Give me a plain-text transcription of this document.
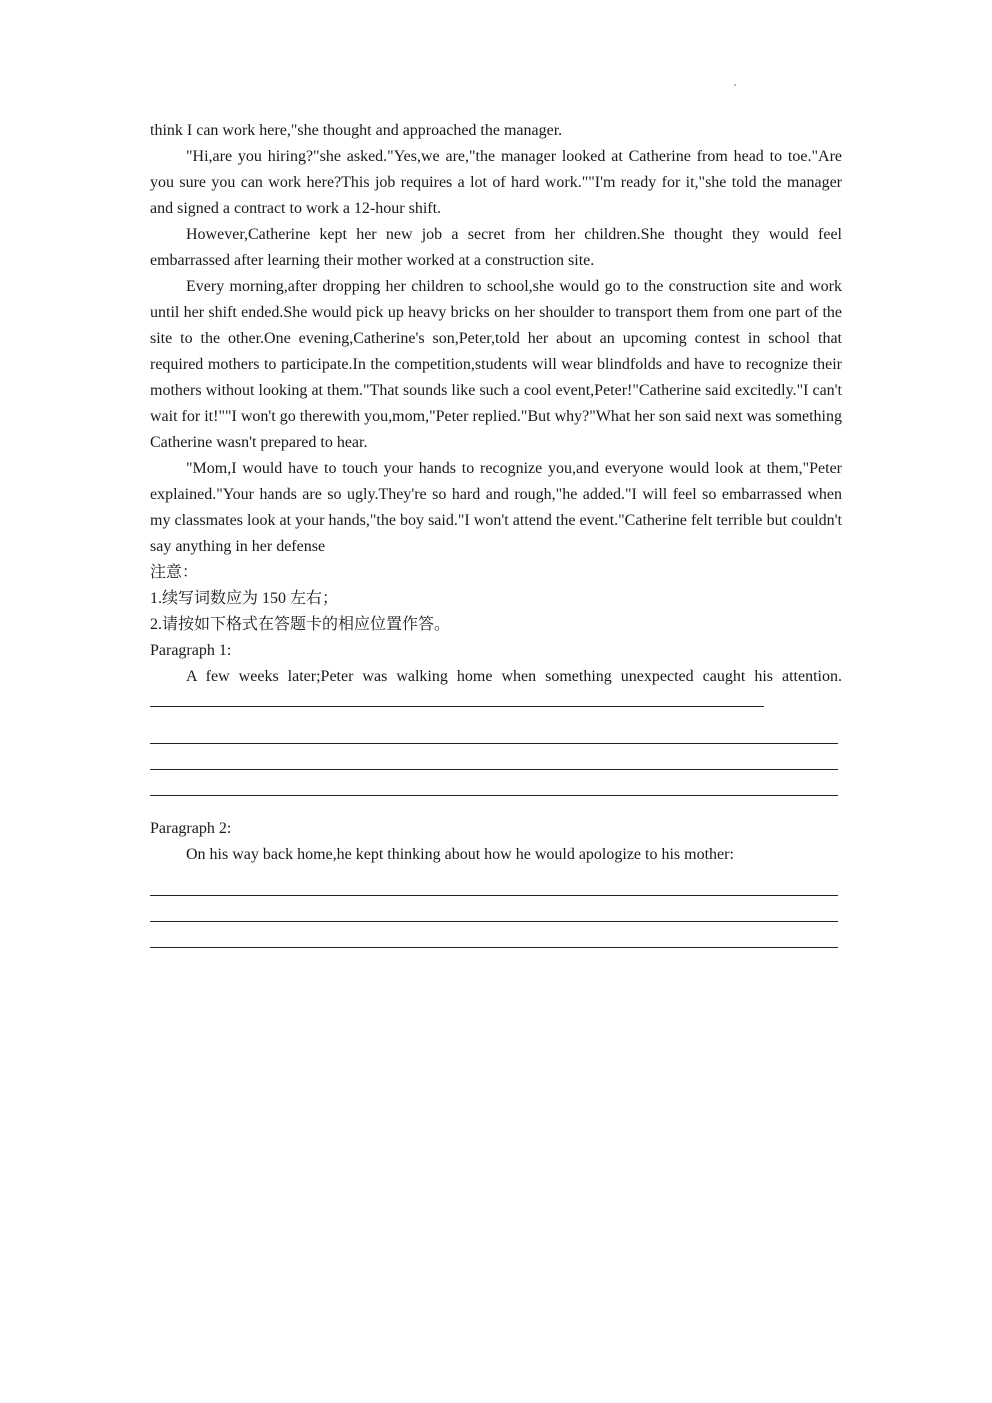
think I can work here,"she thought and approached the manager.

"Hi,are you hiring?"she asked."Yes,we are,"the manager looked at Catherine from head to toe."Are you sure you can work here?This job requires a lot of hard work.""I'm ready for it,"she told the manager and signed a contract to work a 12-hour shift.

However,Catherine kept her new job a secret from her children.She thought they would feel embarrassed after learning their mother worked at a construction site.

Every morning,after dropping her children to school,she would go to the construction site and work until her shift ended.She would pick up heavy bricks on her shoulder to transport them from one part of the site to the other.One evening,Catherine's son,Peter,told her about an upcoming contest in school that required mothers to participate.In the competition,students will wear blindfolds and have to recognize their mothers without looking at them."That sounds like such a cool event,Peter!"Catherine said excitedly."I can't wait for it!""I won't go therewith you,mom,"Peter replied."But why?"What her son said next was something Catherine wasn't prepared to hear.

"Mom,I would have to touch your hands to recognize you,and everyone would look at them,"Peter explained."Your hands are so ugly.They're so hard and rough,"he added."I will feel so embarrassed when my classmates look at your hands,"the boy said."I won't attend the event."Catherine felt terrible but couldn't say anything in her defense

注意：

1.续写词数应为 150 左右；

2.请按如下格式在答题卡的相应位置作答。

Paragraph 1:

A few weeks later;Peter was walking home when something unexpected caught his attention.

Paragraph 2:

On his way back home,he kept thinking about how he would apologize to his mother:
